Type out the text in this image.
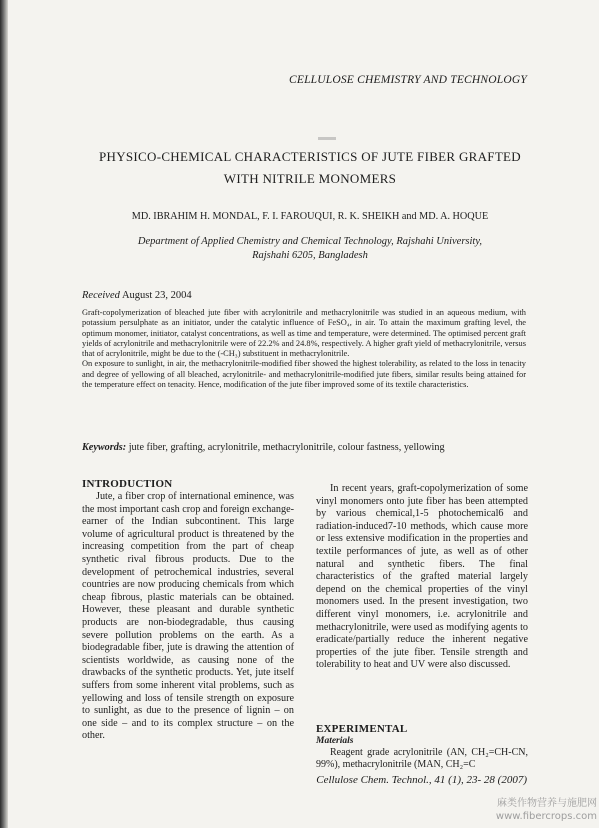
CELLULOSE CHEMISTRY AND TECHNOLOGY
PHYSICO-CHEMICAL CHARACTERISTICS OF JUTE FIBER GRAFTED
WITH NITRILE MONOMERS
MD. IBRAHIM H. MONDAL, F. I. FAROUQUI, R. K. SHEIKH and MD. A. HOQUE
Department of Applied Chemistry and Chemical Technology, Rajshahi University,
Rajshahi 6205, Bangladesh
Received August 23, 2004

Graft-copolymerization of bleached jute fiber with acrylonitrile and methacrylonitrile was studied in an aqueous medium, with potassium persulphate as an initiator, under the catalytic influence of FeSO₄, in air. To attain the maximum grafting level, the optimum monomer, initiator, catalyst concentrations, as well as time and temperature, were determined. The optimised percent graft yields of acrylonitrile and methacrylonitrile were of 22.2% and 24.8%, respectively. A higher graft yield of methacrylonitrile, versus that of acrylonitrile, might be due to the (-CH₃) substituent in methacrylonitrile.

On exposure to sunlight, in air, the methacrylonitrile-modified fiber showed the highest tolerability, as related to the loss in tenacity and degree of yellowing of all bleached, acrylonitrile- and methacrylonitrile-modified jute fibers, similar results being attained for the temperature effect on tenacity. Hence, modification of the jute fiber improved some of its textile characteristics.

Keywords: jute fiber, grafting, acrylonitrile, methacrylonitrile, colour fastness, yellowing
INTRODUCTION

Jute, a fiber crop of international eminence, was the most important cash crop and foreign exchange-earner of the Indian subcontinent. This large volume of agricultural product is threatened by the increasing competition from the part of cheap synthetic rival fibrous products. Due to the development of petrochemical industries, several countries are now producing chemicals from which cheap fibrous, plastic materials can be obtained. However, these pleasant and durable synthetic products are non-biodegradable, thus causing severe pollution problems on the earth. As a biodegradable fiber, jute is drawing the attention of scientists worldwide, as causing none of the drawbacks of the synthetic products. Yet, jute itself suffers from some inherent vital problems, such as yellowing and loss of tensile strength on exposure to sunlight, as due to the presence of lignin – on one side – and to its complex structure – on the other.

In recent years, graft-copolymerization of some vinyl monomers onto jute fiber has been attempted by various chemical,1-5 photochemical6 and radiation-induced7-10 methods, which cause more or less extensive modification in the properties and textile performances of jute, as well as of other natural and synthetic fibers. The final characteristics of the grafted material largely depend on the chemical properties of the vinyl monomers used. In the present investigation, two different vinyl monomers, i.e. acrylonitrile and methacrylonitrile, were used as modifying agents to eradicate/partially reduce the inherent negative properties of the jute fiber. Tensile strength and tolerability to heat and UV were also discussed.

EXPERIMENTAL
Materials

Reagent grade acrylonitrile (AN, CH₂=CH-CN, 99%), methacrylonitrile (MAN, CH₂=C

Cellulose Chem. Technol., 41 (1), 23- 28 (2007)
麻类作物营养与施肥网
www.fibercrops.com
